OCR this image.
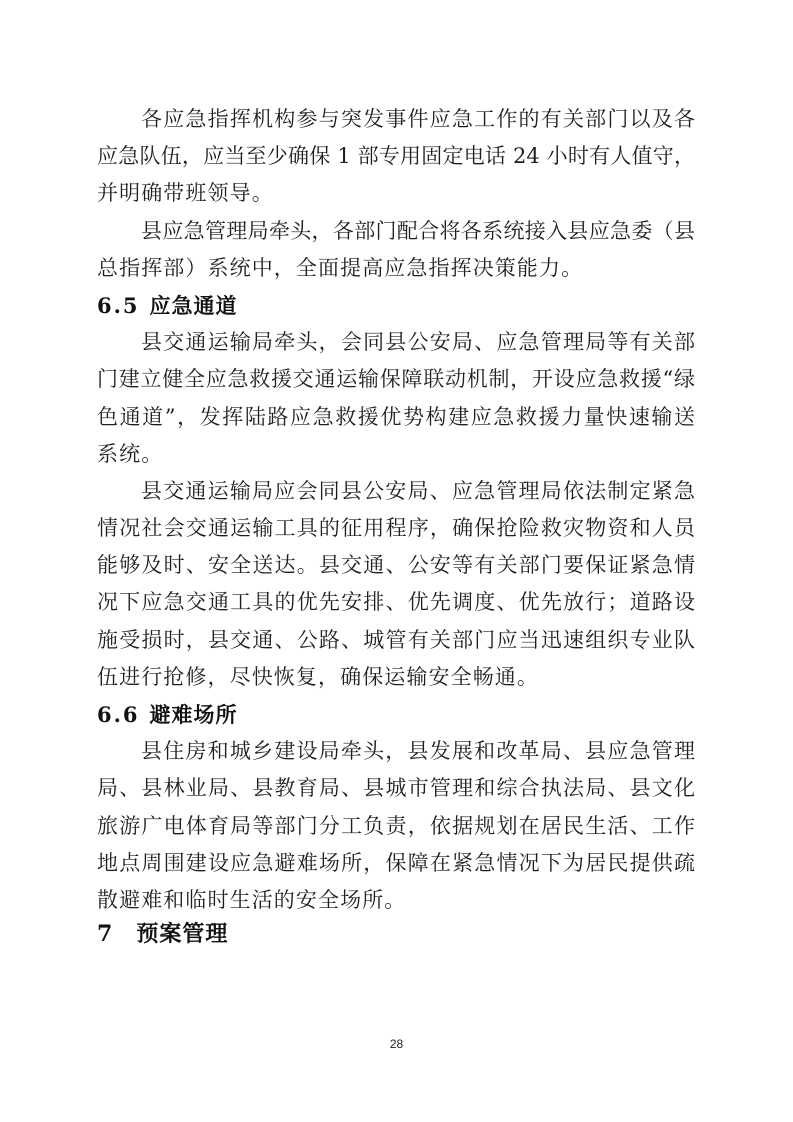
各应急指挥机构参与突发事件应急工作的有关部门以及各
应急队伍，应当至少确保 1 部专用固定电话 24 小时有人值守，
并明确带班领导。
县应急管理局牵头，各部门配合将各系统接入县应急委（县
总指挥部）系统中，全面提高应急指挥决策能力。
6.5 应急通道
县交通运输局牵头，会同县公安局、应急管理局等有关部
门建立健全应急救援交通运输保障联动机制，开设应急救援“绿
色通道”，发挥陆路应急救援优势构建应急救援力量快速输送
系统。
县交通运输局应会同县公安局、应急管理局依法制定紧急
情况社会交通运输工具的征用程序，确保抢险救灾物资和人员
能够及时、安全送达。县交通、公安等有关部门要保证紧急情
况下应急交通工具的优先安排、优先调度、优先放行；道路设
施受损时，县交通、公路、城管有关部门应当迅速组织专业队
伍进行抢修，尽快恢复，确保运输安全畅通。
6.6 避难场所
县住房和城乡建设局牵头，县发展和改革局、县应急管理
局、县林业局、县教育局、县城市管理和综合执法局、县文化
旅游广电体育局等部门分工负责，依据规划在居民生活、工作
地点周围建设应急避难场所，保障在紧急情况下为居民提供疏
散避难和临时生活的安全场所。
7 预案管理
28
